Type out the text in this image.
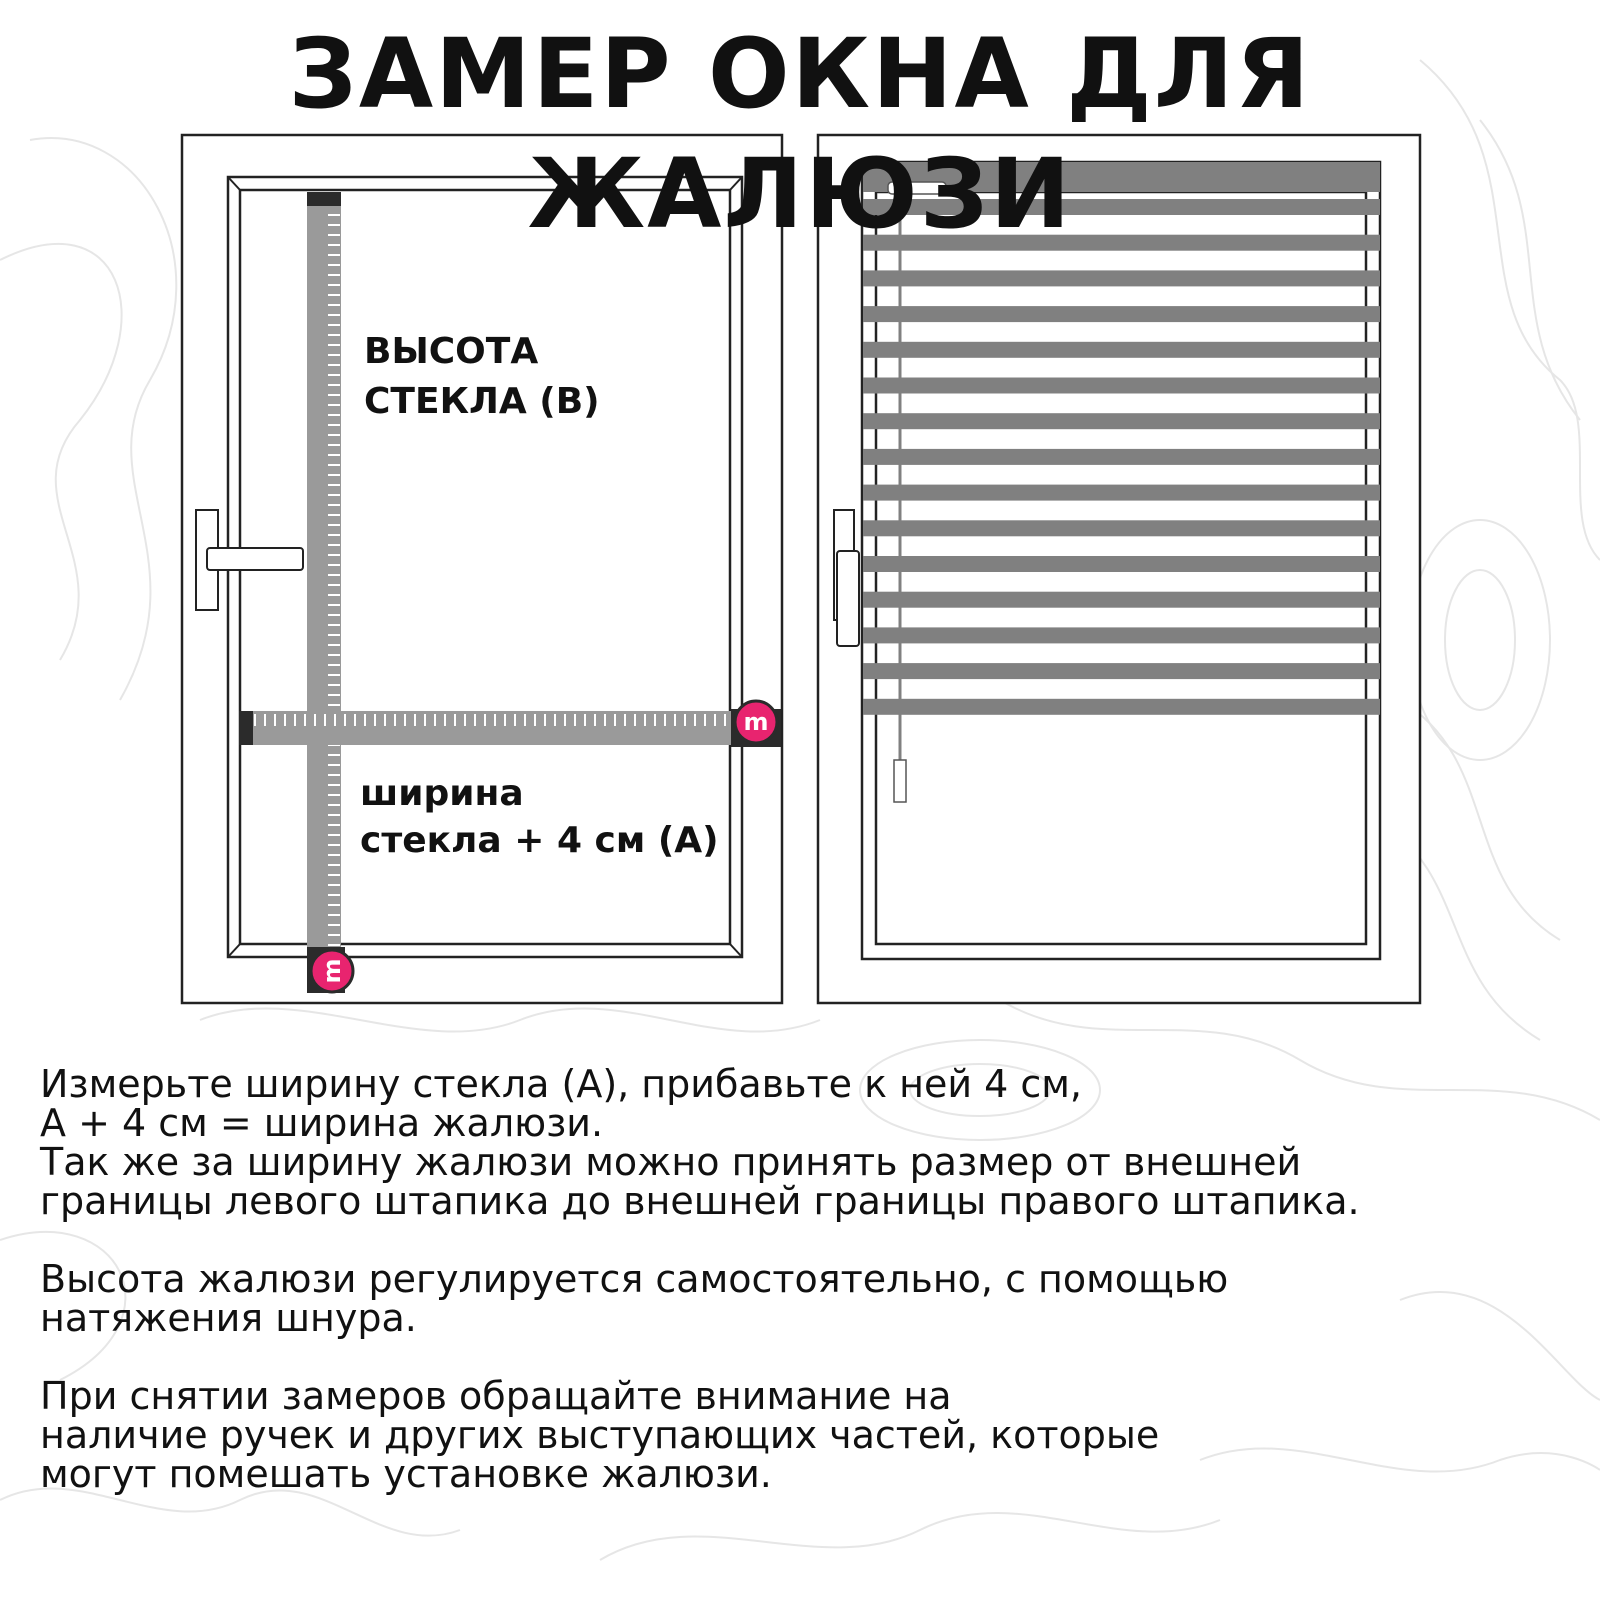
ЗАМЕР ОКНА ДЛЯ ЖАЛЮЗИ
m
m
ВЫСОТА
СТЕКЛА (В)
ширина
стекла + 4 см (А)

Измерьте ширину стекла (А), прибавьте к ней 4 см,
А + 4 см = ширина жалюзи.
Так же за ширину жалюзи можно принять размер от внешней
границы левого штапика до внешней границы правого штапика.

Высота жалюзи регулируется самостоятельно, с помощью
натяжения шнура.

При снятии замеров обращайте внимание на
наличие ручек и других выступающих частей, которые
могут помешать установке жалюзи.
